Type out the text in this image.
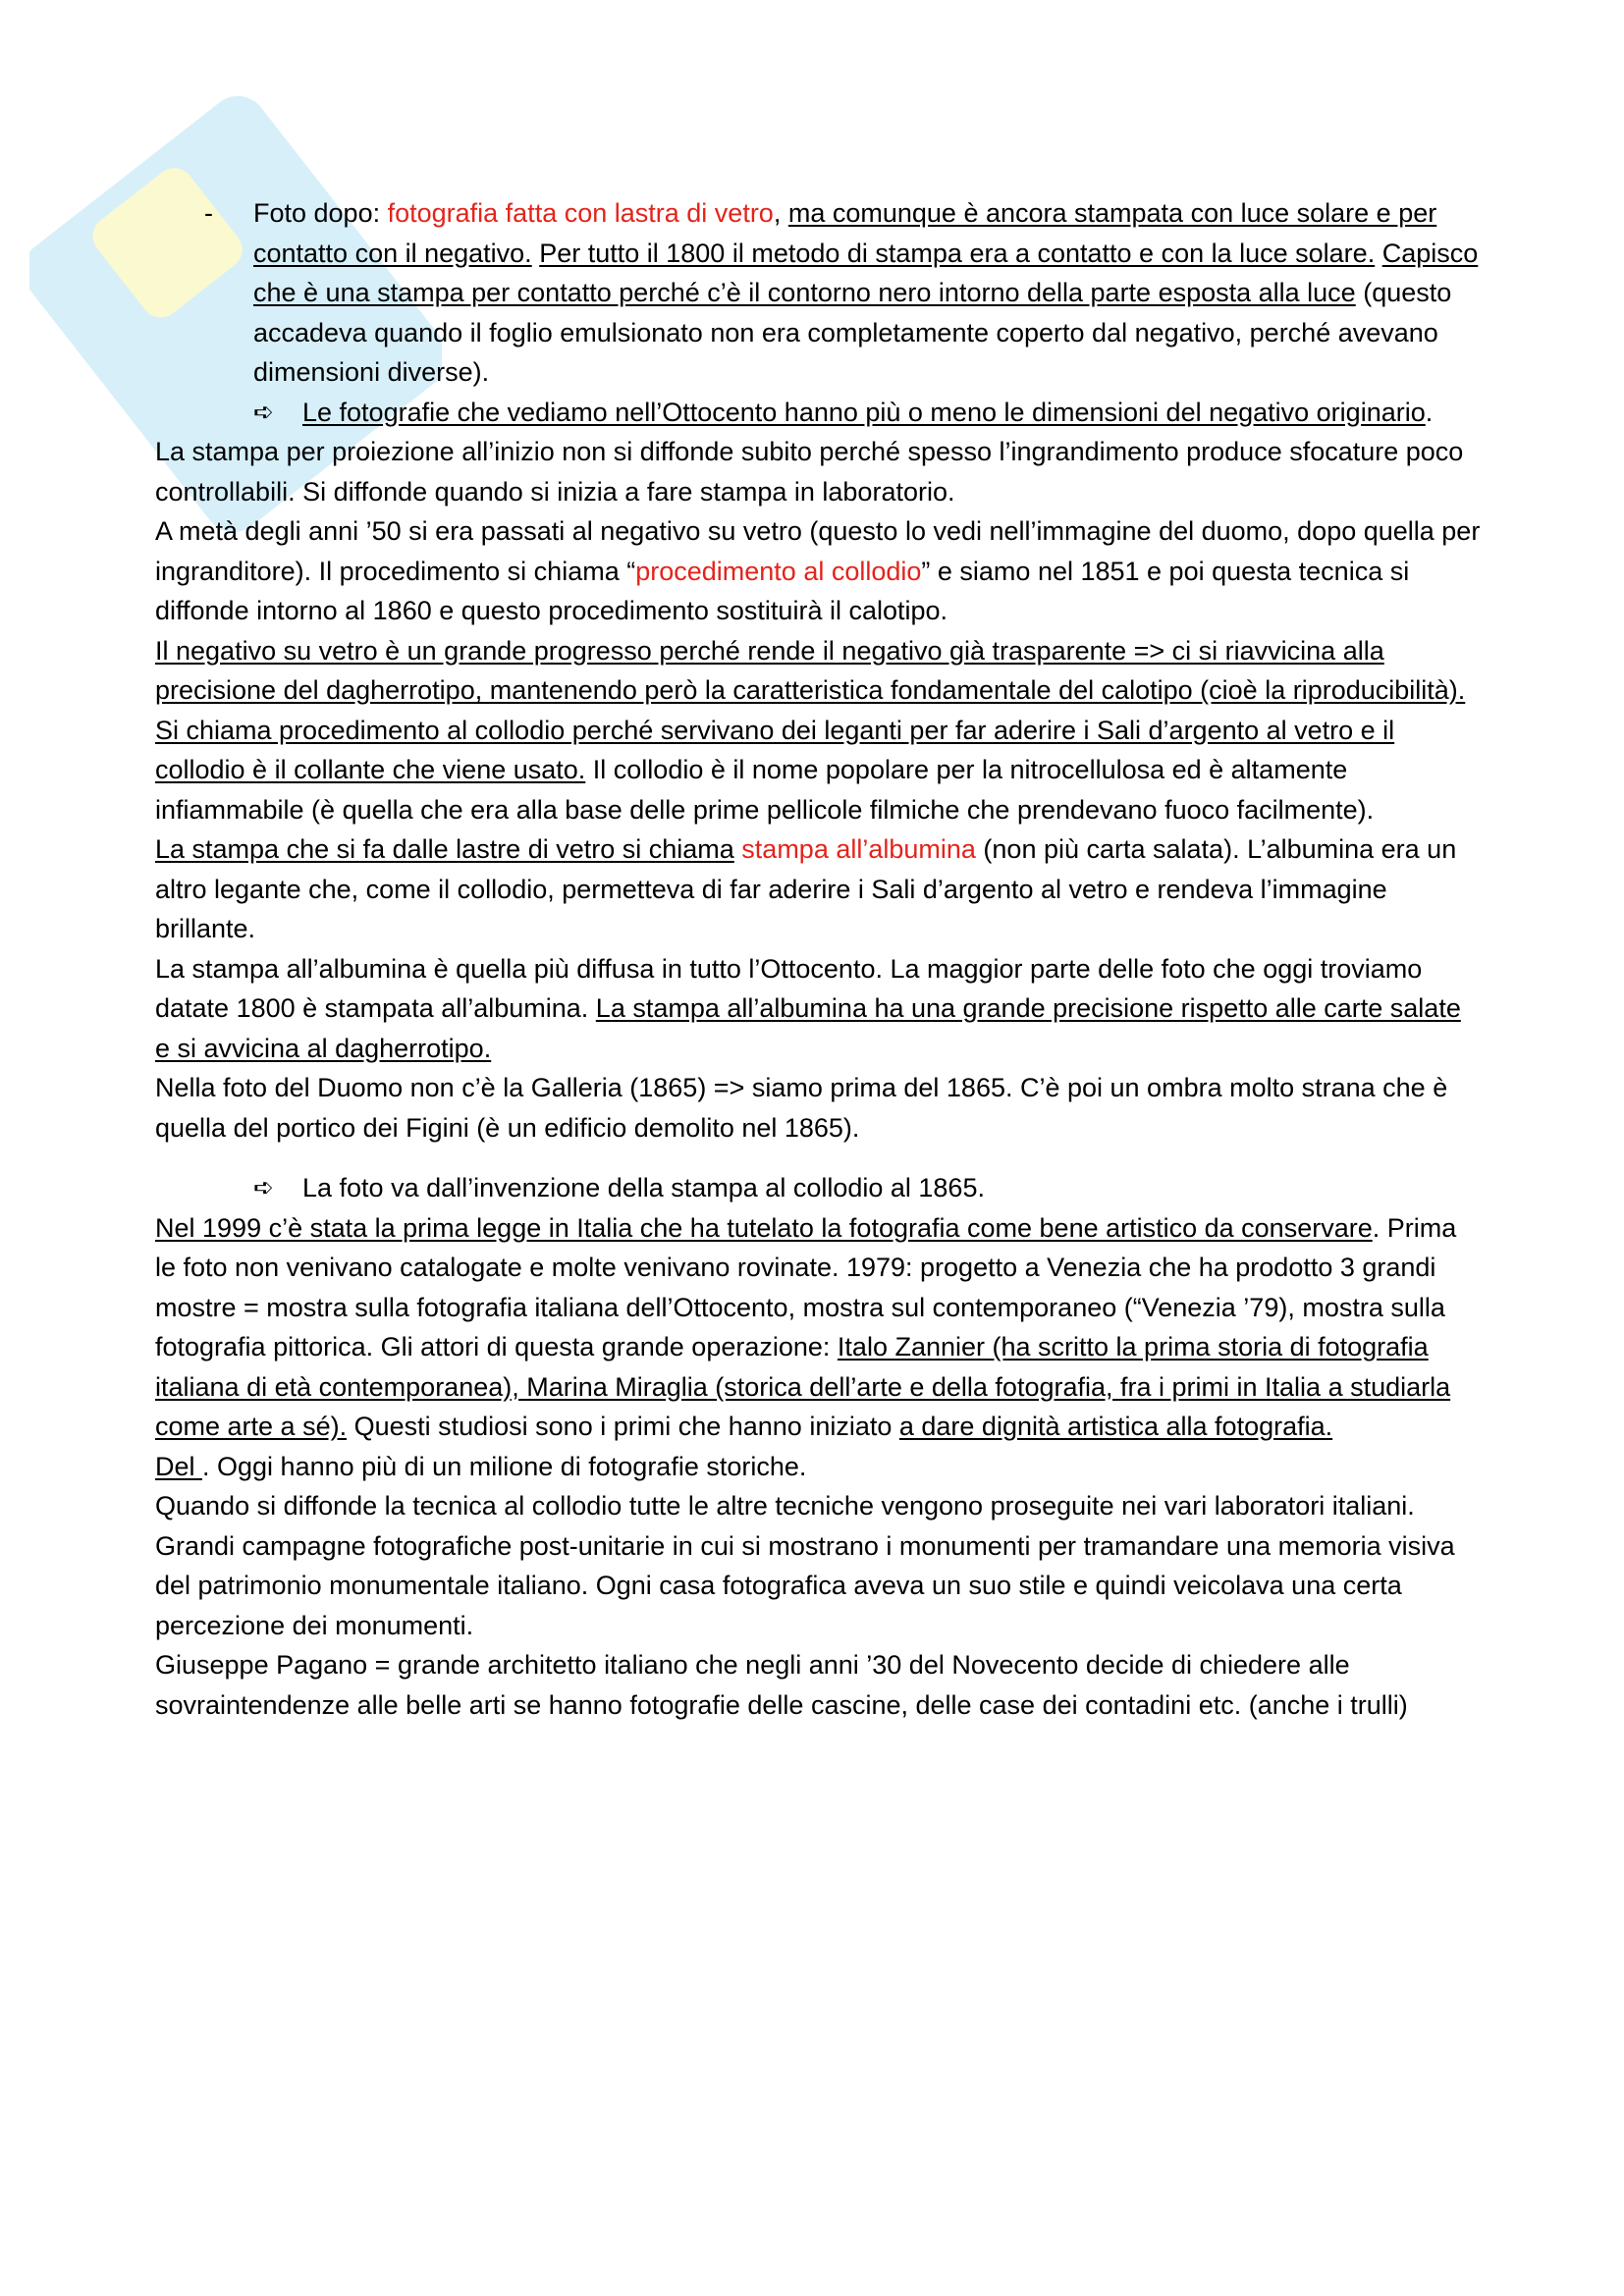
- Foto dopo: fotografia fatta con lastra di vetro, ma comunque è ancora stampata con luce solare e per contatto con il negativo. Per tutto il 1800 il metodo di stampa era a contatto e con la luce solare. Capisco che è una stampa per contatto perché c’è il contorno nero intorno della parte esposta alla luce (questo accadeva quando il foglio emulsionato non era completamente coperto dal negativo, perché avevano dimensioni diverse).
➪ Le fotografie che vediamo nell’Ottocento hanno più o meno le dimensioni del negativo originario.

La stampa per proiezione all’inizio non si diffonde subito perché spesso l’ingrandimento produce sfocature poco controllabili. Si diffonde quando si inizia a fare stampa in laboratorio.

A metà degli anni ’50 si era passati al negativo su vetro (questo lo vedi nell’immagine del duomo, dopo quella per ingranditore). Il procedimento si chiama “procedimento al collodio” e siamo nel 1851 e poi questa tecnica si diffonde intorno al 1860 e questo procedimento sostituirà il calotipo.

Il negativo su vetro è un grande progresso perché rende il negativo già trasparente => ci si riavvicina alla precisione del dagherrotipo, mantenendo però la caratteristica fondamentale del calotipo (cioè la riproducibilità).

Si chiama procedimento al collodio perché servivano dei leganti per far aderire i Sali d’argento al vetro e il collodio è il collante che viene usato. Il collodio è il nome popolare per la nitrocellulosa ed è altamente infiammabile (è quella che era alla base delle prime pellicole filmiche che prendevano fuoco facilmente).

La stampa che si fa dalle lastre di vetro si chiama stampa all’albumina (non più carta salata). L’albumina era un altro legante che, come il collodio, permetteva di far aderire i Sali d’argento al vetro e rendeva l’immagine brillante.

La stampa all’albumina è quella più diffusa in tutto l’Ottocento. La maggior parte delle foto che oggi troviamo datate 1800 è stampata all’albumina. La stampa all’albumina ha una grande precisione rispetto alle carte salate e si avvicina al dagherrotipo.

Nella foto del Duomo non c’è la Galleria (1865) => siamo prima del 1865. C’è poi un ombra molto strana che è quella del portico dei Figini (è un edificio demolito nel 1865).

➪ La foto va dall’invenzione della stampa al collodio al 1865.

Nel 1999 c’è stata la prima legge in Italia che ha tutelato la fotografia come bene artistico da conservare. Prima le foto non venivano catalogate e molte venivano rovinate. 1979: progetto a Venezia che ha prodotto 3 grandi mostre = mostra sulla fotografia italiana dell’Ottocento, mostra sul contemporaneo (“Venezia ’79), mostra sulla fotografia pittorica. Gli attori di questa grande operazione: Italo Zannier (ha scritto la prima storia di fotografia italiana di età contemporanea), Marina Miraglia (storica dell’arte e della fotografia, fra i primi in Italia a studiarla come arte a sé). Questi studiosi sono i primi che hanno iniziato a dare dignità artistica alla fotografia.

Del . Oggi hanno più di un milione di fotografie storiche.

Quando si diffonde la tecnica al collodio tutte le altre tecniche vengono proseguite nei vari laboratori italiani.

Grandi campagne fotografiche post-unitarie in cui si mostrano i monumenti per tramandare una memoria visiva del patrimonio monumentale italiano. Ogni casa fotografica aveva un suo stile e quindi veicolava una certa percezione dei monumenti.

Giuseppe Pagano = grande architetto italiano che negli anni ’30 del Novecento decide di chiedere alle sovraintendenze alle belle arti se hanno fotografie delle cascine, delle case dei contadini etc. (anche i trulli)
